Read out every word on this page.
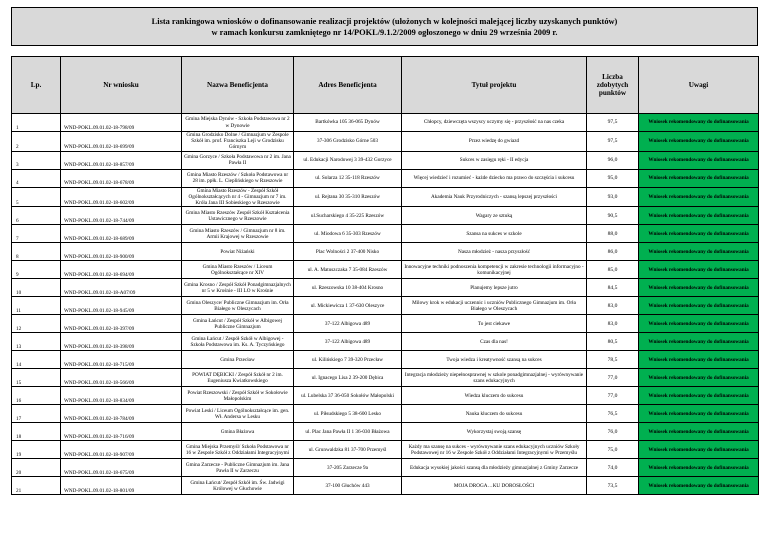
Lista rankingowa wniosków o dofinansowanie realizacji projektów (ułożonych w kolejności malejącej liczby uzyskanych punktów)
w ramach konkursu zamkniętego nr 14/POKL/9.1.2/2009 ogłoszonego w dniu 29 września 2009 r.
Lp.	Nr wniosku	Nazwa Beneficjenta	Adres Beneficjenta	Tytuł projektu	Liczba zdobytych punktów	Uwagi
1	WND-POKL.09.01.02-18-798/09	Gmina Miejska Dynów - Szkoła Podstawowa nr 2 w Dynowie	Bartkówka 105 36-065 Dynów	Chłopcy, dziewczęta wszyscy uczymy się - przyszłość na nas czeka	97,5	Wniosek rekomendowany do dofinansowania
2	WND-POKL.09.01.02-18-699/09	Gmina Grodzisko Dolne / Gimnazjum w Zespole Szkół im. prof. Franciszka Leji w Grodzisku Górnym	37-306 Grodzisko Górne 503	Przez wiedzę do gwiazd	97,5	Wniosek rekomendowany do dofinansowania
3	WND-POKL.09.01.02-18-857/09	Gmina Gorzyce / Szkoła Podstawowa nr 2 im. Jana Pawła II	ul. Edukacji Narodowej 3 39-432 Gorzyce	Sukces w zasięgu ręki - II edycja	96,0	Wniosek rekomendowany do dofinansowania
4	WND-POKL.09.01.02-18-678/09	Gmina Miasto Rzeszów / Szkoła Podstawowa nr 28 im. ppłk. L. Cieplińskiego w Rzeszowie	ul. Solarza 12 35-118 Rzeszów	Więcej wiedzieć i rozumieć - każde dziecko ma prawo do szczęścia i sukcesu	95,0	Wniosek rekomendowany do dofinansowania
5	WND-POKL.09.01.02-18-602/09	Gmina Miasto Rzeszów - Zespół Szkół Ogólnokształcących nr 4 - Gimnazjum nr 7 im. Króla Jana III Sobieskiego w Rzeszowie	ul. Rejtana 30 35-310 Rzeszów	Akademia Nauk Przyrodniczych - szansą lepszej przyszłości	93,0	Wniosek rekomendowany do dofinansowania
6	WND-POKL.09.01.02-18-744/09	Gmina Miasto Rzeszów Zespół Szkół Kształcenia Ustawicznego w Rzeszowie	ul.Sucharskiego 4 35-225 Rzeszów	Wagary ze sztuką	90,5	Wniosek rekomendowany do dofinansowania
7	WND-POKL.09.01.02-18-689/09	Gmina Miasto Rzeszów / Gimnazjum nr 8 im. Armii Krajowej w Rzeszowie	ul. Miodowa 6 35-303 Rzeszów	Szansa na sukces w szkole	88,0	Wniosek rekomendowany do dofinansowania
8	WND-POKL.09.01.02-18-900/09	Powiat Niżański	Plac Wolności 2 37-400 Nisko	Nasza młodzież - nasza przyszłość	86,0	Wniosek rekomendowany do dofinansowania
9	WND-POKL.09.01.02-18-694/09	Gmina Miasto Rzeszów / Liceum Ogólnokształcące nr XIV	ul. A. Matuszczaka 7 35-084 Rzeszów	Innowacyjne techniki podnoszenia kompetencji w zakresie technologii informacyjno - komunikacyjnej	85,0	Wniosek rekomendowany do dofinansowania
10	WND-POKL.09.01.02-18-A07/09	Gmina Krosno / Zespół Szkół Ponadgimnazjalnych nr 5 w Krośnie - III LO w Krośnie	ul. Rzeszowska 10 38-404 Krosno	Planujemy lepsze jutro	84,5	Wniosek rekomendowany do dofinansowania
11	WND-POKL.09.01.02-18-945/09	Gmina Oleszyce/ Publiczne Gimnazjum im. Orła Białego w Oleszycach	ul. Mickiewicza 1 37-630 Oleszyce	Milowy krok w edukacji uczennic i uczniów Publicznego Gimnazjum im. Orła Białego w Oleszycach	83,0	Wniosek rekomendowany do dofinansowania
12	WND-POKL.09.01.02-18-397/09	Gmina Łańcut / Zespół Szkół w Albigowej Publiczne Gimnazjum	37-122 Albigowa 489	To jest ciekawe	83,0	Wniosek rekomendowany do dofinansowania
13	WND-POKL.09.01.02-18-398/09	Gmina Łańcut / Zespół Szkół w Albigowej - Szkoła Podstawowa im. Ks. A. Tyczyńskiego	37-122 Albigowa 489	Czas dla nas!	80,5	Wniosek rekomendowany do dofinansowania
14	WND-POKL.09.01.02-18-715/09	Gmina Przecław	ul. Kilińskiego 7 39-320 Przecław	Twoja wiedza i kreatywność szansą na sukces	78,5	Wniosek rekomendowany do dofinansowania
15	WND-POKL.09.01.02-18-566/09	POWIAT DĘBICKI / Zespół Szkół nr 2 im. Eugeniusza Kwiatkowskiego	ul. Ignacego Lisa 2 39-200 Dębica	Integracja młodzieży niepełnosprawnej w szkole ponadgimnazjalnej - wyrównywanie szans edukacyjnych	77,0	Wniosek rekomendowany do dofinansowania
16	WND-POKL.09.01.02-18-834/09	Powiat Rzeszowski / Zespół Szkół w Sokołowie Małopolskim	ul. Lubelska 37 36-050 Sokołów Małopolski	Wiedza kluczem do sukcesu	77,0	Wniosek rekomendowany do dofinansowania
17	WND-POKL.09.01.02-18-784/09	Powiat Leski / Liceum Ogólnokształcące im. gen. Wł. Andersa w Lesku	ul. Piłsudskiego 5 38-600 Lesko	Nauka kluczem do sukcesu	76,5	Wniosek rekomendowany do dofinansowania
18	WND-POKL.09.01.02-18-716/09	Gmina Błażowa	ul. Plac Jana Pawła II 1 36-030 Błażowa	Wykorzystaj swoją szansę	76,0	Wniosek rekomendowany do dofinansowania
19	WND-POKL.09.01.02-18-907/09	Gmina Miejska Przemyśl/ Szkoła Podstawowa nr 16 w Zespole Szkół z Oddziałami Integracyjnymi	ul. Grunwaldzka 81 37-700 Przemyśl	Każdy ma szansę na sukces - wyrównywanie szans edukacyjnych uczniów Szkoły Podstawowej nr 16 w Zespole Szkół z Oddziałami Integracyjnymi w Przemyślu	75,0	Wniosek rekomendowany do dofinansowania
20	WND-POKL.09.01.02-18-675/09	Gmina Zarzecze - Publiczne Gimnazjum im. Jana Pawła II w Zarzeczu	37-205 Zarzecze 9a	Edukacja wysokiej jakości szansą dla młodzieży gimnazjalnej z Gminy Zarzecze	74,0	Wniosek rekomendowany do dofinansowania
21	WND-POKL.09.01.02-18-801/09	Gmina Łańcut/ Zespół Szkół im. Św. Jadwigi Królowej w Głuchowie	37-100 Głuchów 443	MOJA DROGA…KU DOROSŁOŚCI	73,5	Wniosek rekomendowany do dofinansowania
